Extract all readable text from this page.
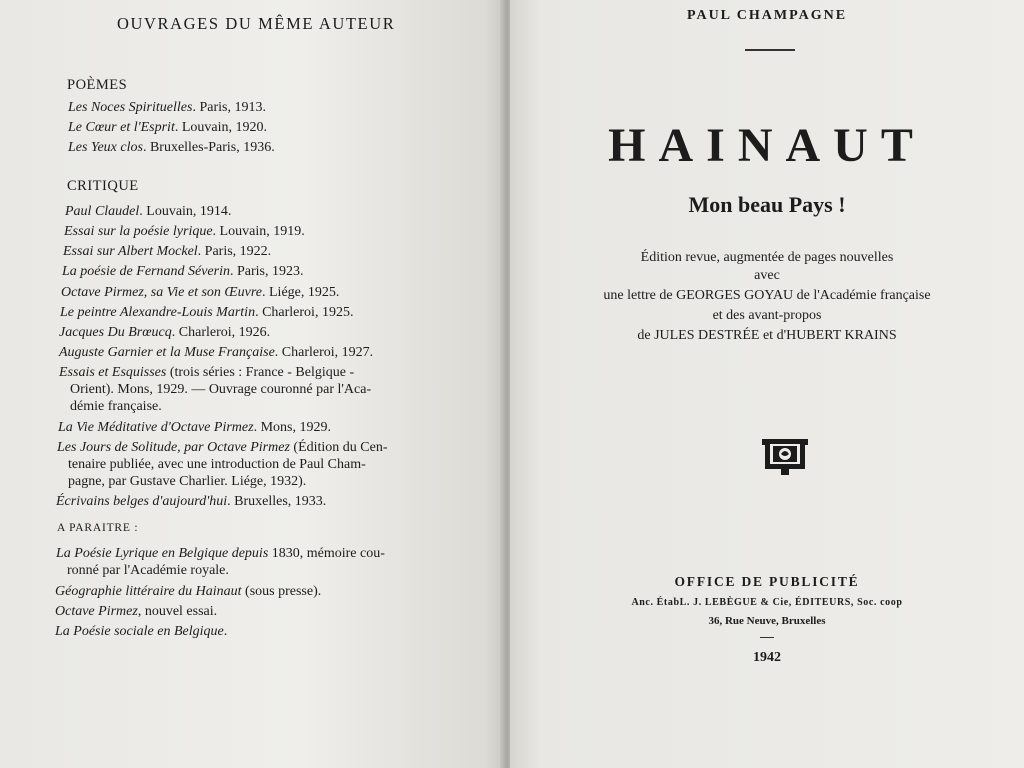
OUVRAGES DU MÊME AUTEUR
POÈMES
Les Noces Spirituelles. Paris, 1913.
Le Cœur et l'Esprit. Louvain, 1920.
Les Yeux clos. Bruxelles-Paris, 1936.
CRITIQUE
Paul Claudel. Louvain, 1914.
Essai sur la poésie lyrique. Louvain, 1919.
Essai sur Albert Mockel. Paris, 1922.
La poésie de Fernand Séverin. Paris, 1923.
Octave Pirmez, sa Vie et son Œuvre. Liége, 1925.
Le peintre Alexandre-Louis Martin. Charleroi, 1925.
Jacques Du Brœucq. Charleroi, 1926.
Auguste Garnier et la Muse Française. Charleroi, 1927.
Essais et Esquisses (trois séries : France - Belgique -
Orient). Mons, 1929. — Ouvrage couronné par l'Aca-
démie française.
La Vie Méditative d'Octave Pirmez. Mons, 1929.
Les Jours de Solitude, par Octave Pirmez (Édition du Cen-
tenaire publiée, avec une introduction de Paul Cham-
pagne, par Gustave Charlier. Liége, 1932).
Écrivains belges d'aujourd'hui. Bruxelles, 1933.
A PARAITRE :
La Poésie Lyrique en Belgique depuis 1830, mémoire cou-
ronné par l'Académie royale.
Géographie littéraire du Hainaut (sous presse).
Octave Pirmez, nouvel essai.
La Poésie sociale en Belgique.
PAUL CHAMPAGNE
HAINAUT
Mon beau Pays !
Édition revue, augmentée de pages nouvelles
avec
une lettre de GEORGES GOYAU de l'Académie française
et des avant-propos
de JULES DESTRÉE et d'HUBERT KRAINS
OFFICE DE PUBLICITÉ
Anc. ÉtabL. J. LEBÈGUE & Cie, ÉDITEURS, Soc. coop
36, Rue Neuve, Bruxelles
1942
